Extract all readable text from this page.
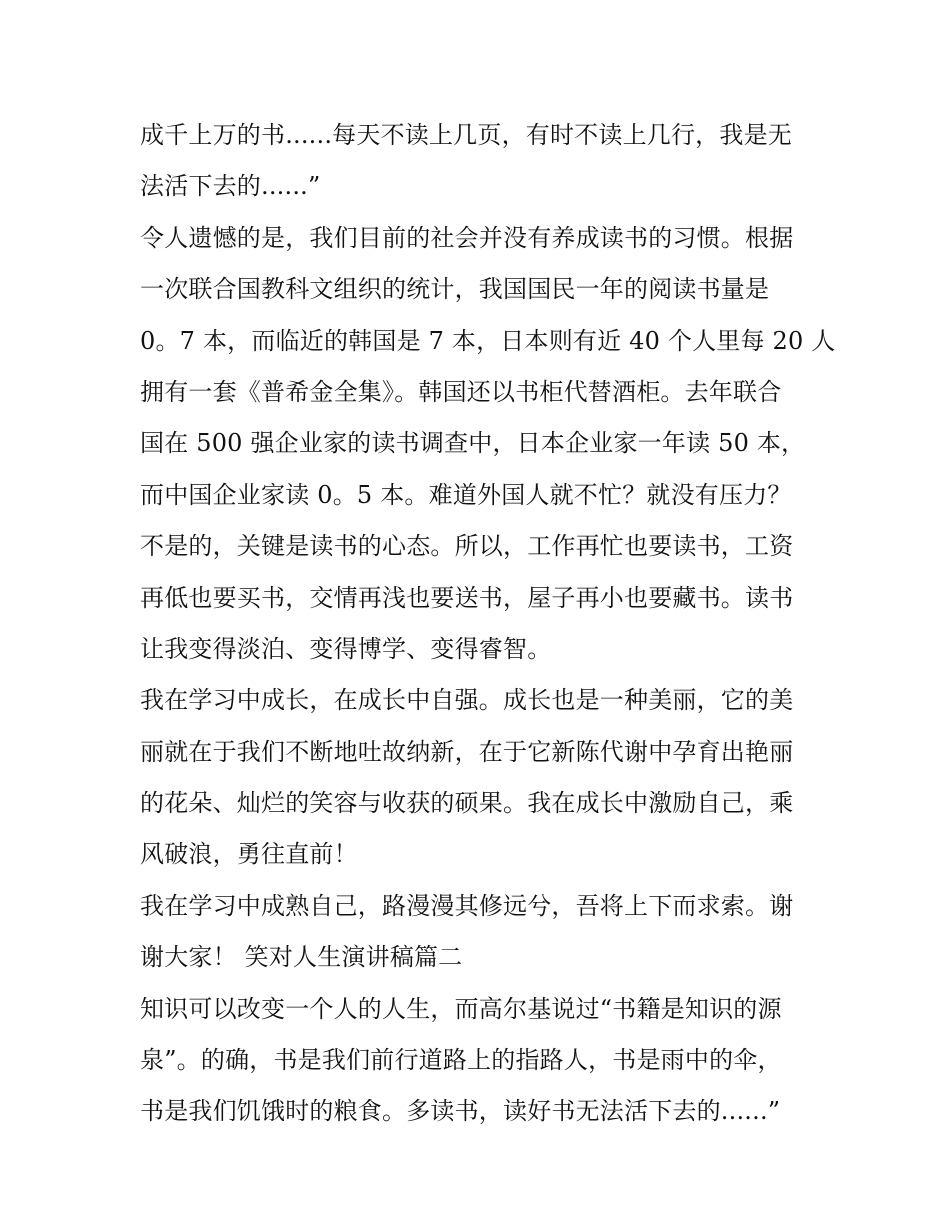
成千上万的书......每天不读上几页，有时不读上几行，我是无
法活下去的......”
令人遗憾的是，我们目前的社会并没有养成读书的习惯。根据
一次联合国教科文组织的统计，我国国民一年的阅读书量是
0。7 本，而临近的韩国是 7 本，日本则有近 40 个人里每 20 人
拥有一套《普希金全集》。韩国还以书柜代替酒柜。去年联合
国在 500 强企业家的读书调查中，日本企业家一年读 50 本，
而中国企业家读 0。5 本。难道外国人就不忙？就没有压力？
不是的，关键是读书的心态。所以，工作再忙也要读书，工资
再低也要买书，交情再浅也要送书，屋子再小也要藏书。读书
让我变得淡泊、变得博学、变得睿智。
我在学习中成长，在成长中自强。成长也是一种美丽，它的美
丽就在于我们不断地吐故纳新，在于它新陈代谢中孕育出艳丽
的花朵、灿烂的笑容与收获的硕果。我在成长中激励自己，乘
风破浪，勇往直前！
我在学习中成熟自己，路漫漫其修远兮，吾将上下而求索。谢
谢大家！ 笑对人生演讲稿篇二
知识可以改变一个人的人生，而高尔基说过“书籍是知识的源
泉”。的确，书是我们前行道路上的指路人，书是雨中的伞，
书是我们饥饿时的粮食。多读书，读好书无法活下去的......”
